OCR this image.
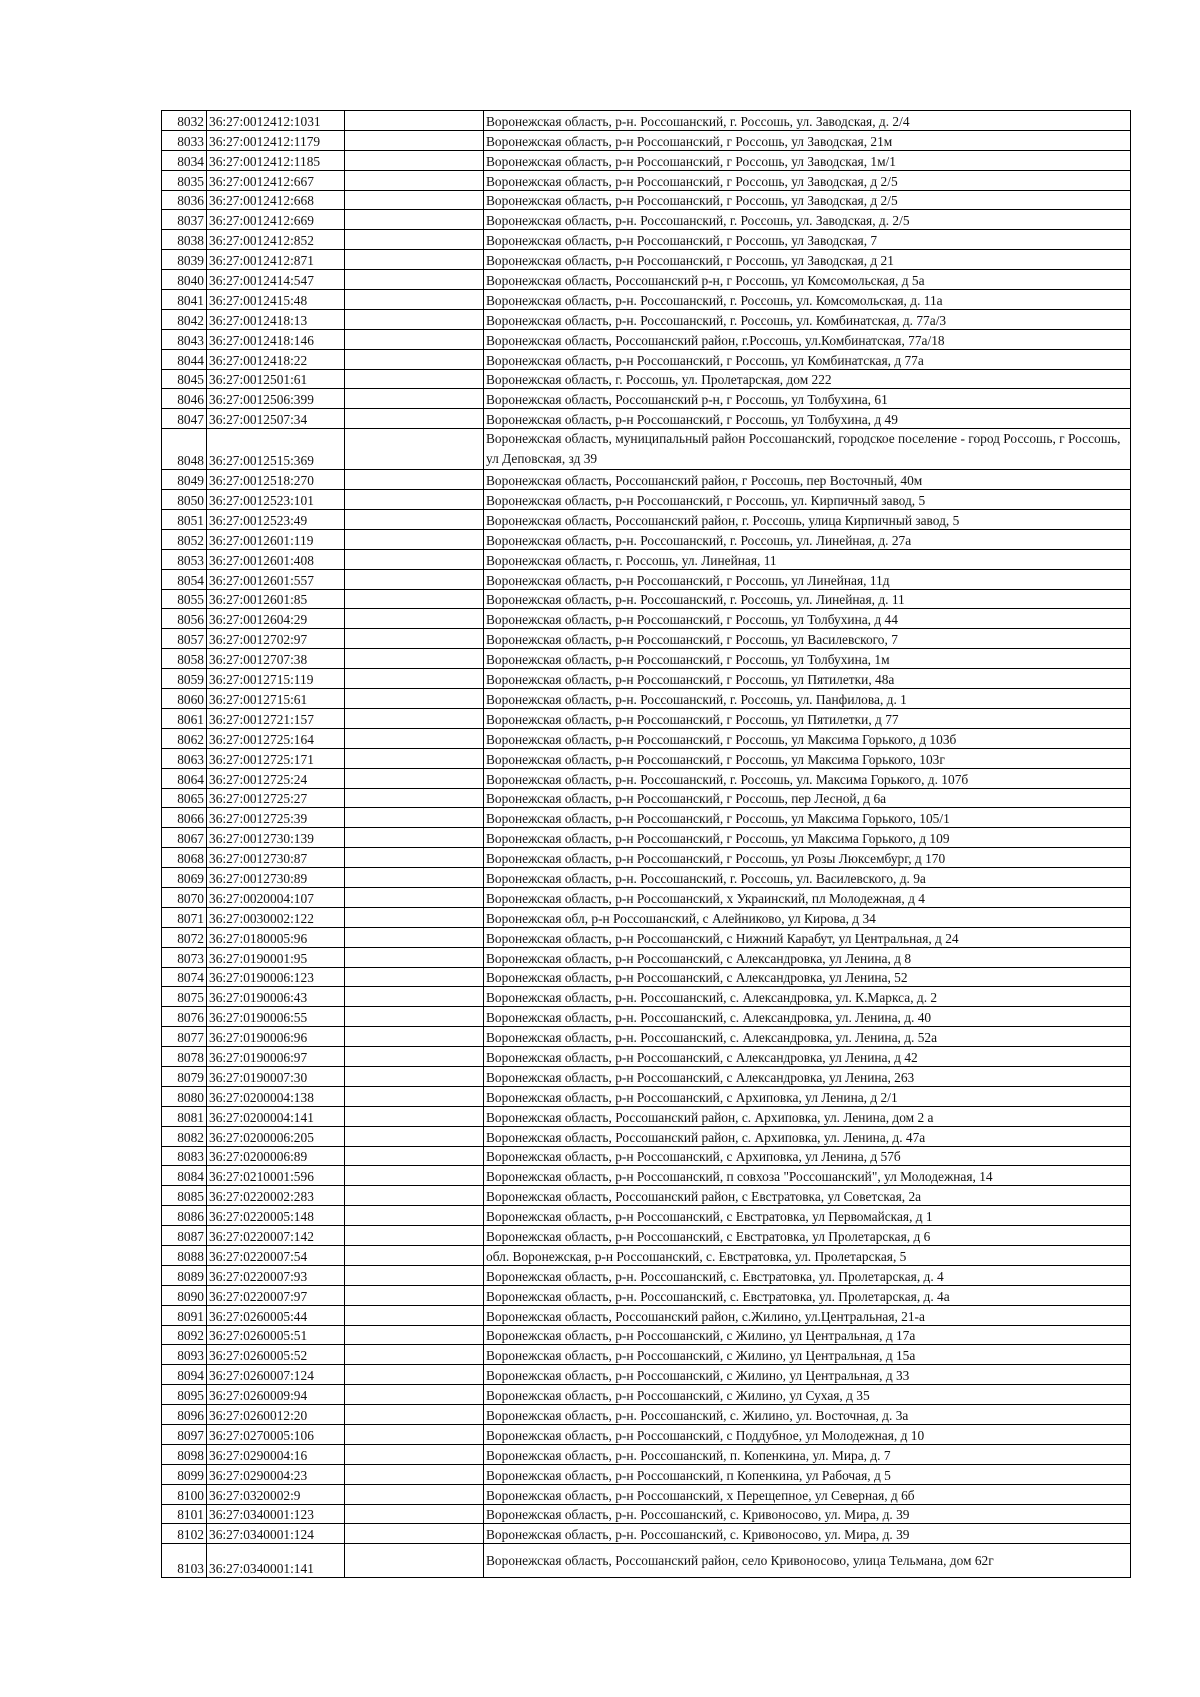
8032	36:27:0012412:1031		Воронежская область, р-н. Россошанский, г. Россошь, ул. Заводская, д. 2/4
8033	36:27:0012412:1179		Воронежская область, р-н Россошанский, г Россошь, ул Заводская, 21м
8034	36:27:0012412:1185		Воронежская область, р-н Россошанский, г Россошь, ул Заводская, 1м/1
8035	36:27:0012412:667		Воронежская область, р-н Россошанский, г Россошь, ул Заводская, д 2/5
8036	36:27:0012412:668		Воронежская область, р-н Россошанский, г Россошь, ул Заводская, д 2/5
8037	36:27:0012412:669		Воронежская область, р-н. Россошанский, г. Россошь, ул. Заводская, д. 2/5
8038	36:27:0012412:852		Воронежская область, р-н Россошанский, г Россошь, ул Заводская, 7
8039	36:27:0012412:871		Воронежская область, р-н Россошанский, г Россошь, ул Заводская, д 21
8040	36:27:0012414:547		Воронежская область, Россошанский р-н, г Россошь, ул Комсомольская, д 5а
8041	36:27:0012415:48		Воронежская область, р-н. Россошанский, г. Россошь, ул. Комсомольская, д. 11а
8042	36:27:0012418:13		Воронежская область, р-н. Россошанский, г. Россошь, ул. Комбинатская, д. 77а/3
8043	36:27:0012418:146		Воронежская область, Россошанский район, г.Россошь, ул.Комбинатская, 77а/18
8044	36:27:0012418:22		Воронежская область, р-н Россошанский, г Россошь, ул Комбинатская, д 77а
8045	36:27:0012501:61		Воронежская область, г. Россошь, ул. Пролетарская, дом 222
8046	36:27:0012506:399		Воронежская область, Россошанский р-н, г Россошь, ул Толбухина, 61
8047	36:27:0012507:34		Воронежская область, р-н Россошанский, г Россошь, ул Толбухина, д 49
8048	36:27:0012515:369		Воронежская область, муниципальный район Россошанский, городское поселение - город Россошь, г Россошь, ул Деповская, зд 39
8049	36:27:0012518:270		Воронежская область, Россошанский район, г Россошь, пер Восточный, 40м
8050	36:27:0012523:101		Воронежская область, р-н Россошанский, г Россошь, ул. Кирпичный завод, 5
8051	36:27:0012523:49		Воронежская область, Россошанский район, г. Россошь, улица Кирпичный завод, 5
8052	36:27:0012601:119		Воронежская область, р-н. Россошанский, г. Россошь, ул. Линейная, д. 27а
8053	36:27:0012601:408		Воронежская область, г. Россошь, ул. Линейная, 11
8054	36:27:0012601:557		Воронежская область, р-н Россошанский, г Россошь, ул Линейная, 11д
8055	36:27:0012601:85		Воронежская область, р-н. Россошанский, г. Россошь, ул. Линейная, д. 11
8056	36:27:0012604:29		Воронежская область, р-н Россошанский, г Россошь, ул Толбухина, д 44
8057	36:27:0012702:97		Воронежская область, р-н Россошанский, г Россошь, ул Василевского, 7
8058	36:27:0012707:38		Воронежская область, р-н Россошанский, г Россошь, ул Толбухина, 1м
8059	36:27:0012715:119		Воронежская область, р-н Россошанский, г Россошь, ул Пятилетки, 48а
8060	36:27:0012715:61		Воронежская область, р-н. Россошанский, г. Россошь, ул. Панфилова, д. 1
8061	36:27:0012721:157		Воронежская область, р-н Россошанский, г Россошь, ул Пятилетки, д 77
8062	36:27:0012725:164		Воронежская область, р-н Россошанский, г Россошь, ул Максима Горького, д 103б
8063	36:27:0012725:171		Воронежская область, р-н Россошанский, г Россошь, ул Максима Горького, 103г
8064	36:27:0012725:24		Воронежская область, р-н. Россошанский, г. Россошь, ул. Максима Горького, д. 107б
8065	36:27:0012725:27		Воронежская область, р-н Россошанский, г Россошь, пер Лесной, д 6а
8066	36:27:0012725:39		Воронежская область, р-н Россошанский, г Россошь, ул Максима Горького, 105/1
8067	36:27:0012730:139		Воронежская область, р-н Россошанский, г Россошь, ул Максима Горького, д 109
8068	36:27:0012730:87		Воронежская область, р-н Россошанский, г Россошь, ул Розы Люксембург, д 170
8069	36:27:0012730:89		Воронежская область, р-н. Россошанский, г. Россошь, ул. Василевского, д. 9а
8070	36:27:0020004:107		Воронежская область, р-н Россошанский, х Украинский, пл Молодежная, д 4
8071	36:27:0030002:122		Воронежская обл, р-н Россошанский, с Алейниково, ул Кирова, д 34
8072	36:27:0180005:96		Воронежская область, р-н Россошанский, с Нижний Карабут, ул Центральная, д 24
8073	36:27:0190001:95		Воронежская область, р-н Россошанский, с Александровка, ул Ленина, д 8
8074	36:27:0190006:123		Воронежская область, р-н Россошанский, с Александровка, ул Ленина, 52
8075	36:27:0190006:43		Воронежская область, р-н. Россошанский, с. Александровка, ул. К.Маркса, д. 2
8076	36:27:0190006:55		Воронежская область, р-н. Россошанский, с. Александровка, ул. Ленина, д. 40
8077	36:27:0190006:96		Воронежская область, р-н. Россошанский, с. Александровка, ул. Ленина, д. 52а
8078	36:27:0190006:97		Воронежская область, р-н Россошанский, с Александровка, ул Ленина, д 42
8079	36:27:0190007:30		Воронежская область, р-н Россошанский, с Александровка, ул Ленина, 263
8080	36:27:0200004:138		Воронежская область, р-н Россошанский, с Архиповка, ул Ленина, д 2/1
8081	36:27:0200004:141		Воронежская область, Россошанский район, с. Архиповка, ул. Ленина, дом 2 а
8082	36:27:0200006:205		Воронежская область, Россошанский район, с. Архиповка, ул. Ленина, д. 47а
8083	36:27:0200006:89		Воронежская область, р-н Россошанский, с Архиповка, ул Ленина, д 57б
8084	36:27:0210001:596		Воронежская область, р-н Россошанский, п совхоза "Россошанский", ул Молодежная, 14
8085	36:27:0220002:283		Воронежская область, Россошанский район, с Евстратовка, ул Советская, 2а
8086	36:27:0220005:148		Воронежская область, р-н Россошанский, с Евстратовка, ул Первомайская, д 1
8087	36:27:0220007:142		Воронежская область, р-н Россошанский, с Евстратовка, ул Пролетарская, д 6
8088	36:27:0220007:54		обл. Воронежская, р-н Россошанский, с. Евстратовка, ул. Пролетарская, 5
8089	36:27:0220007:93		Воронежская область, р-н. Россошанский, с. Евстратовка, ул. Пролетарская, д. 4
8090	36:27:0220007:97		Воронежская область, р-н. Россошанский, с. Евстратовка, ул. Пролетарская, д. 4а
8091	36:27:0260005:44		Воронежская область, Россошанский район, с.Жилино, ул.Центральная, 21-а
8092	36:27:0260005:51		Воронежская область, р-н Россошанский, с Жилино, ул Центральная, д 17а
8093	36:27:0260005:52		Воронежская область, р-н Россошанский, с Жилино, ул Центральная, д 15а
8094	36:27:0260007:124		Воронежская область, р-н Россошанский, с Жилино, ул Центральная, д 33
8095	36:27:0260009:94		Воронежская область, р-н Россошанский, с Жилино, ул Сухая, д 35
8096	36:27:0260012:20		Воронежская область, р-н. Россошанский, с. Жилино, ул. Восточная, д. 3а
8097	36:27:0270005:106		Воронежская область, р-н Россошанский, с Поддубное, ул Молодежная, д 10
8098	36:27:0290004:16		Воронежская область, р-н. Россошанский, п. Копенкина, ул. Мира, д. 7
8099	36:27:0290004:23		Воронежская область, р-н Россошанский, п Копенкина, ул Рабочая, д 5
8100	36:27:0320002:9		Воронежская область, р-н Россошанский, х Перещепное, ул Северная, д 6б
8101	36:27:0340001:123		Воронежская область, р-н. Россошанский, с. Кривоносово, ул. Мира, д. 39
8102	36:27:0340001:124		Воронежская область, р-н. Россошанский, с. Кривоносово, ул. Мира, д. 39
8103	36:27:0340001:141		Воронежская область, Россошанский район, село Кривоносово, улица Тельмана, дом 62г
